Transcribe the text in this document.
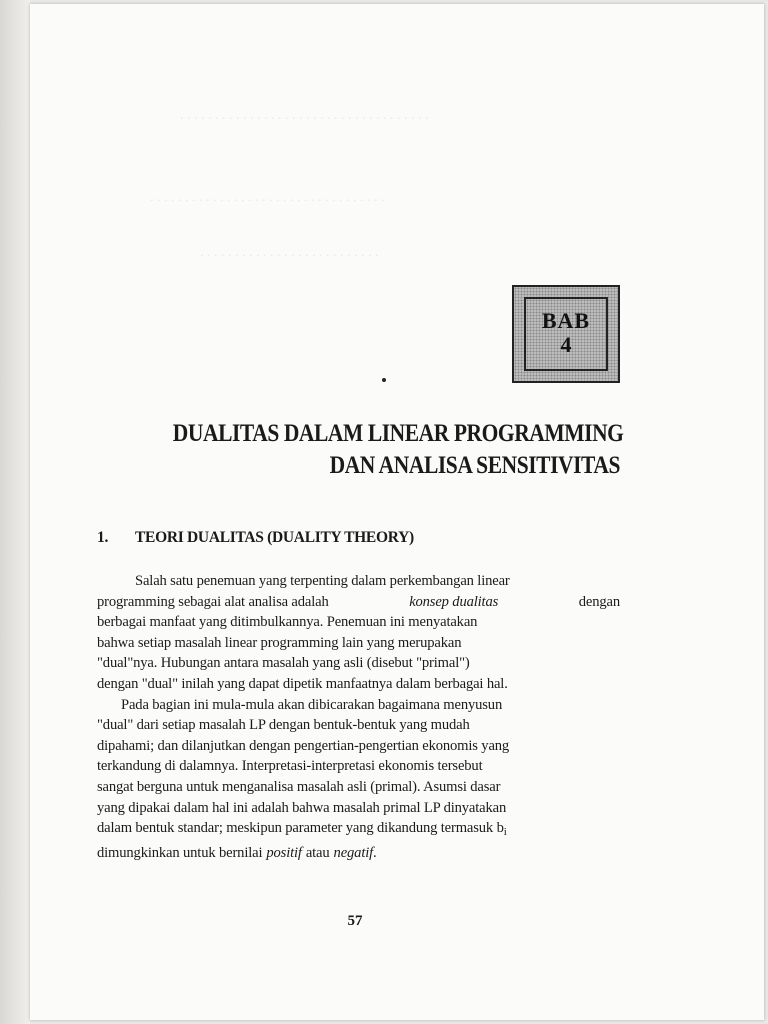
. . . . . . . . . . . . . . . . . . . . . . . . . . . . . . . . . . . .
. . . . . . . . . . . . . . . . . . . . . . . . . . . . . . . . . .
. . . . . . . . . . . . . . . . . . . . . . . . . .
BAB
4
DUALITAS DALAM LINEAR PROGRAMMING
DAN ANALISA SENSITIVITAS
1. TEORI DUALITAS (DUALITY THEORY)
Salah satu penemuan yang terpenting dalam perkembangan linear
programming sebagai alat analisa adalah	konsep dualitas	dengan
berbagai manfaat yang ditimbulkannya. Penemuan ini menyatakan
bahwa setiap masalah linear programming lain yang merupakan
"dual"nya. Hubungan antara masalah yang asli (disebut "primal")
dengan "dual" inilah yang dapat dipetik manfaatnya dalam berbagai hal.
Pada bagian ini mula-mula akan dibicarakan bagaimana menyusun
"dual" dari setiap masalah LP dengan bentuk-bentuk yang mudah
dipahami; dan dilanjutkan dengan pengertian-pengertian ekonomis yang
terkandung di dalamnya. Interpretasi-interpretasi ekonomis tersebut
sangat berguna untuk menganalisa masalah asli (primal). Asumsi dasar
yang dipakai dalam hal ini adalah bahwa masalah primal LP dinyatakan
dalam bentuk standar; meskipun parameter yang dikandung termasuk $b_i$
dimungkinkan untuk bernilai positif atau negatif.
57
